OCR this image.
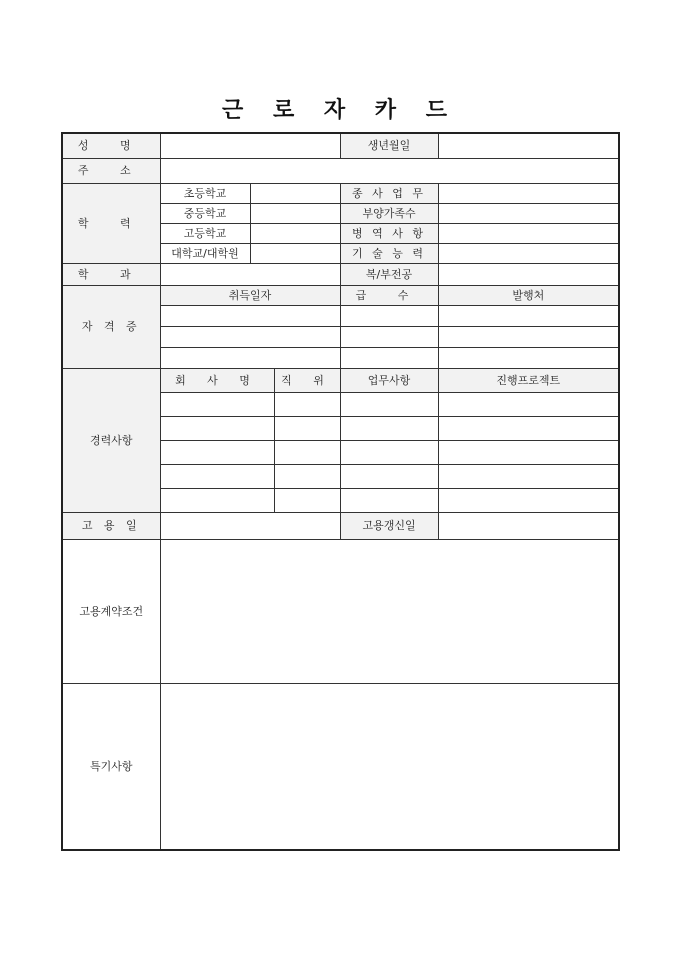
근 로 자 카 드
성 명				생년월일	
주 소					
학 력	초등학교			종 사 업 무	
	중등학교			부양가족수	
	고등학교			병 역 사 항	
	대학교/대학원			기 술 능 력	
학 과				복/부전공	
자 격 증	취득일자			급 수	발행처

경력사항	회 사 명		직 위	업무사항	진행프로젝트

고 용 일				고용갱신일	
고용계약조건					
특기사항					
